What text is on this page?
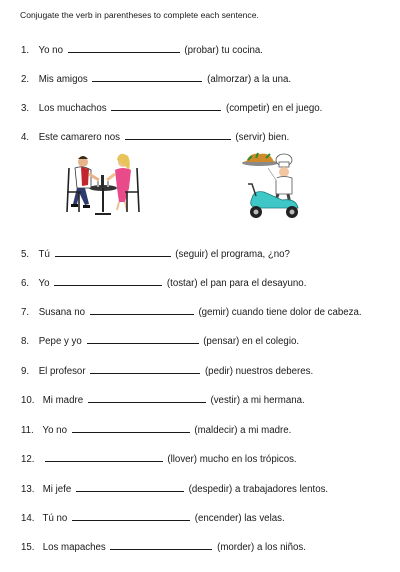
Conjugate the verb in parentheses to complete each sentence.
1. Yo no	(probar) tu cocina.
2. Mis amigos	(almorzar) a la una.
3. Los muchachos	(competir) en el juego.
4. Este camarero nos	(servir) bien.
5. Tú	(seguir) el programa, ¿no?
6. Yo	(tostar) el pan para el desayuno.
7. Susana no	(gemir) cuando tiene dolor de cabeza.
8. Pepe y yo	(pensar) en el colegio.
9. El profesor	(pedir) nuestros deberes.
10. Mi madre	(vestir) a mi hermana.
11. Yo no	(maldecir) a mi madre.
12.	(llover) mucho en los trópicos.
13. Mi jefe	(despedir) a trabajadores lentos.
14. Tú no	(encender) las velas.
15. Los mapaches	(morder) a los niños.
